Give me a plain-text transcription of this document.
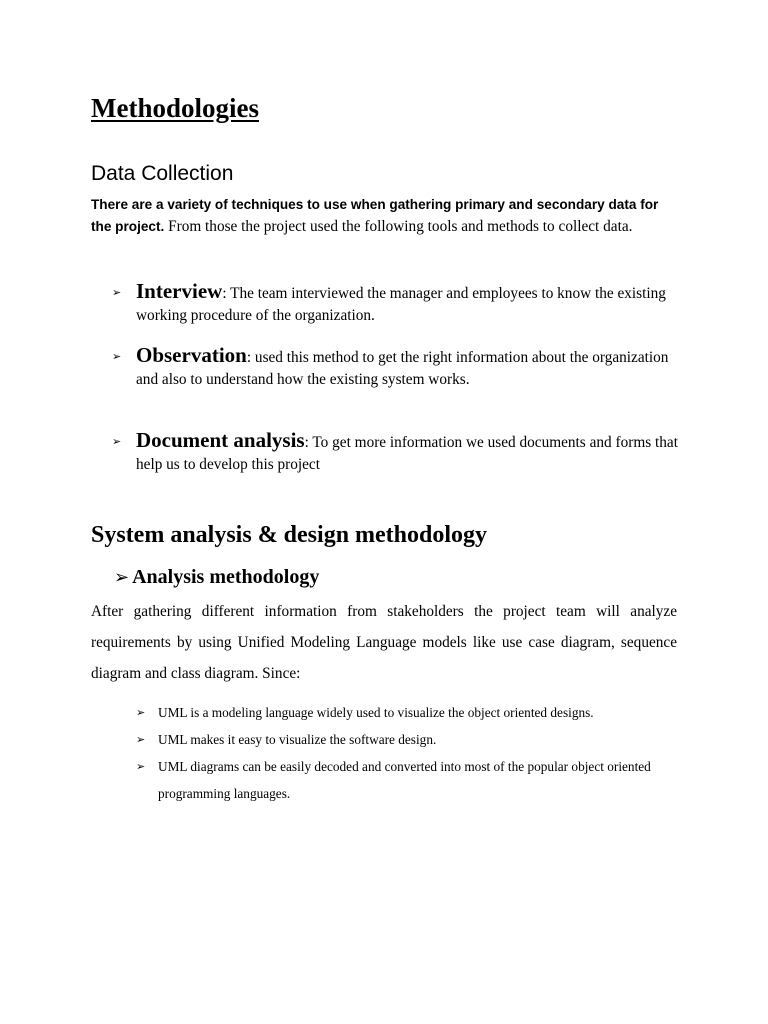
Methodologies
Data Collection
There are a variety of techniques to use when gathering primary and secondary data for the project. From those the project used the following tools and methods to collect data.
➢ Interview: The team interviewed the manager and employees to know the existing working procedure of the organization.
➢ Observation: used this method to get the right information about the organization and also to understand how the existing system works.
➢ Document analysis: To get more information we used documents and forms that help us to develop this project
System analysis & design methodology
➢ Analysis methodology
After gathering different information from stakeholders the project team will analyze requirements by using Unified Modeling Language models like use case diagram, sequence diagram and class diagram. Since:
➢ UML is a modeling language widely used to visualize the object oriented designs.
➢ UML makes it easy to visualize the software design.
➢ UML diagrams can be easily decoded and converted into most of the popular object oriented programming languages.
